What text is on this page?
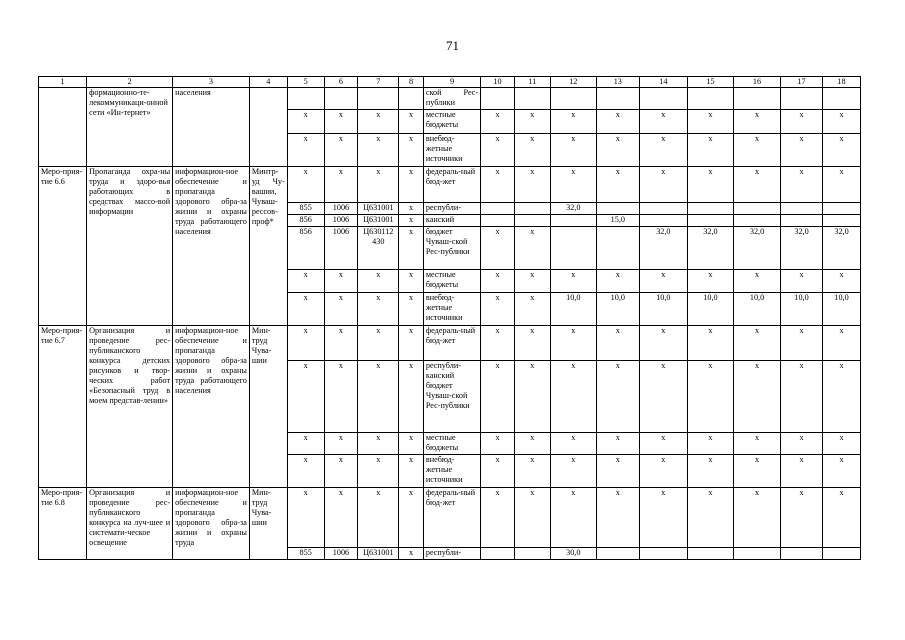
71
1	2	3	4	5	6	7	8	9	10	11	12	13	14	15	16	17	18
	формационно-те-лекоммуникаци-онной сети «Ин-тернет»	населения						ской Рес-публики									
				x	x	x	x	местные бюджеты	x	x	x	x	x	x	x	x	x
				x	x	x	x	внебюд-жетные источники	x	x	x	x	x	x	x	x	x
Меро-прия-тие 6.6	Пропаганда охра-ны труда и здоро-вья работающих в средствах массо-вой информации	информацион-ное обеспечение и пропаганда здорового обра-за жизни и охраны труда работающего населения	Минтр-уд Чу-вашии, Чуваш-рессов-проф*	x	x	x	x	федераль-ный бюд-жет	x	x	x	x	x	x	x	x	x
				855	1006	Ц631001	x	республи-			32,0						
				856	1006	Ц631001	x	канский				15,0					
				856	1006	Ц630112 430	x	бюджет Чуваш-ской Рес-публики	x	x			32,0	32,0	32,0	32,0	32,0
				x	x	x	x	местные бюджеты	x	x	x	x	x	x	x	x	x
				x	x	x	x	внебюд-жетные источники	x	x	10,0	10,0	10,0	10,0	10,0	10,0	10,0
Меро-прия-тие 6.7	Организация и проведение рес-публиканского конкурса детских рисунков и твор-ческих работ «Безопасный труд в моем представ-лении»	информацион-ное обеспечение и пропаганда здорового обра-за жизни и охраны труда работающего населения	Мин-труд Чува-шии	x	x	x	x	федераль-ный бюд-жет	x	x	x	x	x	x	x	x	x
				x	x	x	x	республи-канский бюджет Чуваш-ской Рес-публики	x	x	x	x	x	x	x	x	x
				x	x	x	x	местные бюджеты	x	x	x	x	x	x	x	x	x
				x	x	x	x	внебюд-жетные источники	x	x	x	x	x	x	x	x	x
Меро-прия-тие 6.8	Организация и проведение рес-публиканского конкурса на луч-шее и системати-ческое освещение	информацион-ное обеспечение и пропаганда здорового обра-за жизни и охраны труда	Мин-труд Чува-шии	x	x	x	x	федераль-ный бюд-жет	x	x	x	x	x	x	x	x	x
				855	1006	Ц631001	x	республи-			30,0						
